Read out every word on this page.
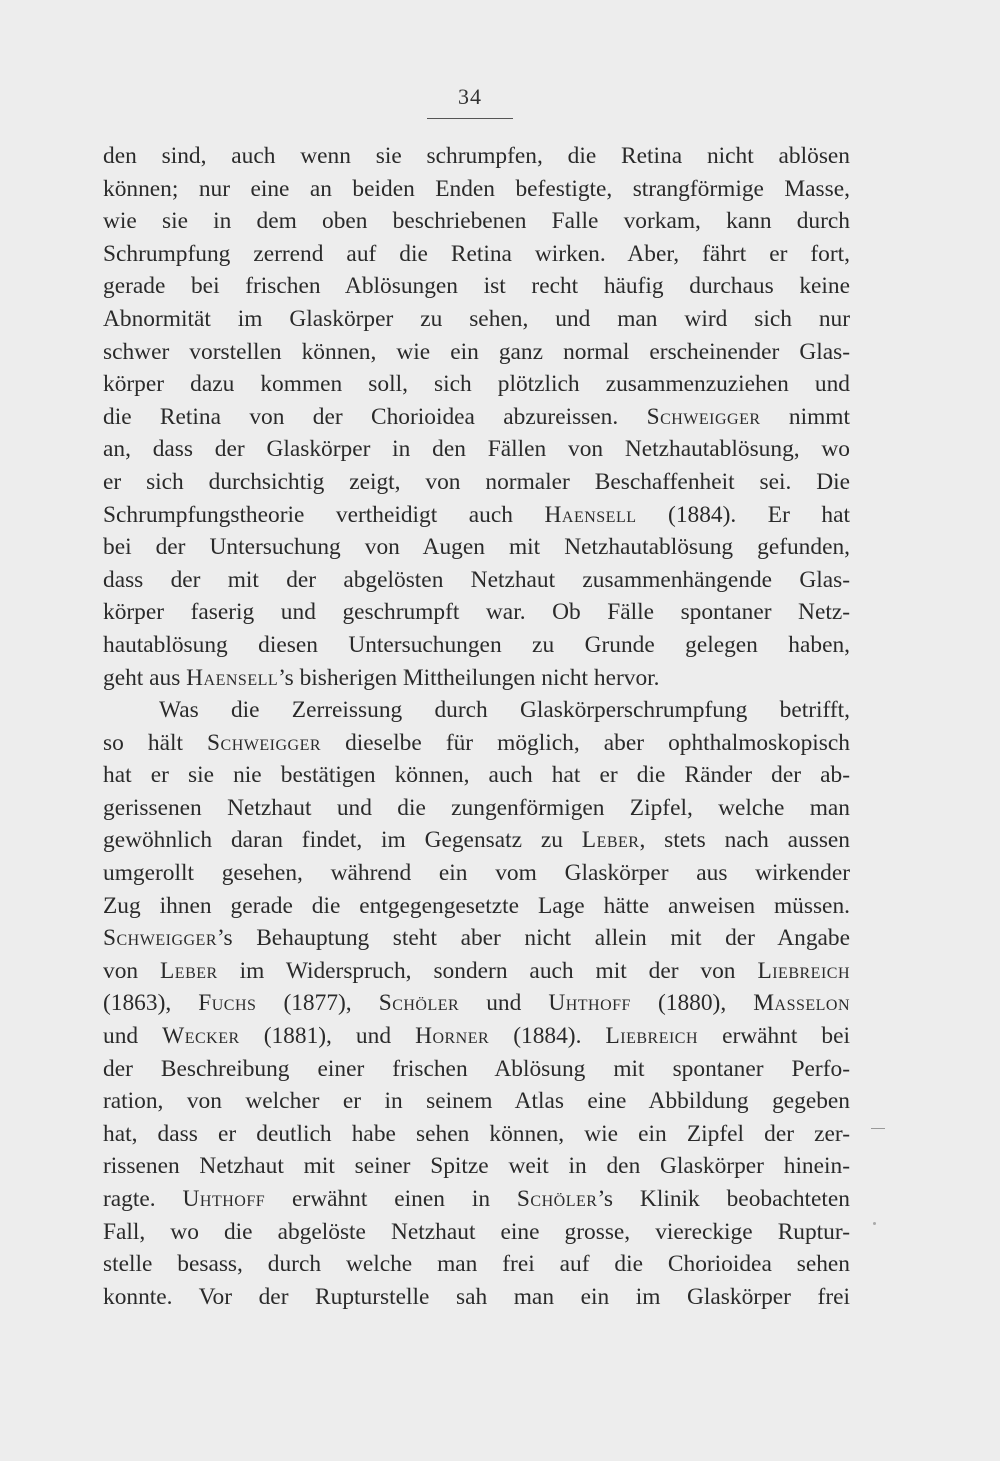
34
den sind, auch wenn sie schrumpfen, die Retina nicht ablösen
können; nur eine an beiden Enden befestigte, strangförmige Masse,
wie sie in dem oben beschriebenen Falle vorkam, kann durch
Schrumpfung zerrend auf die Retina wirken. Aber, fährt er fort,
gerade bei frischen Ablösungen ist recht häufig durchaus keine
Abnormität im Glaskörper zu sehen, und man wird sich nur
schwer vorstellen können, wie ein ganz normal erscheinender Glas-
körper dazu kommen soll, sich plötzlich zusammenzuziehen und
die Retina von der Chorioidea abzureissen. Schweigger nimmt
an, dass der Glaskörper in den Fällen von Netzhautablösung, wo
er sich durchsichtig zeigt, von normaler Beschaffenheit sei. Die
Schrumpfungstheorie vertheidigt auch Haensell (1884). Er hat
bei der Untersuchung von Augen mit Netzhautablösung gefunden,
dass der mit der abgelösten Netzhaut zusammenhängende Glas-
körper faserig und geschrumpft war. Ob Fälle spontaner Netz-
hautablösung diesen Untersuchungen zu Grunde gelegen haben,
geht aus Haensell’s bisherigen Mittheilungen nicht hervor.
Was die Zerreissung durch Glaskörperschrumpfung betrifft,
so hält Schweigger dieselbe für möglich, aber ophthalmoskopisch
hat er sie nie bestätigen können, auch hat er die Ränder der ab-
gerissenen Netzhaut und die zungenförmigen Zipfel, welche man
gewöhnlich daran findet, im Gegensatz zu Leber, stets nach aussen
umgerollt gesehen, während ein vom Glaskörper aus wirkender
Zug ihnen gerade die entgegengesetzte Lage hätte anweisen müssen.
Schweigger’s Behauptung steht aber nicht allein mit der Angabe
von Leber im Widerspruch, sondern auch mit der von Liebreich
(1863), Fuchs (1877), Schöler und Uhthoff (1880), Masselon
und Wecker (1881), und Horner (1884). Liebreich erwähnt bei
der Beschreibung einer frischen Ablösung mit spontaner Perfo-
ration, von welcher er in seinem Atlas eine Abbildung gegeben
hat, dass er deutlich habe sehen können, wie ein Zipfel der zer-
rissenen Netzhaut mit seiner Spitze weit in den Glaskörper hinein-
ragte. Uhthoff erwähnt einen in Schöler’s Klinik beobachteten
Fall, wo die abgelöste Netzhaut eine grosse, viereckige Ruptur-
stelle besass, durch welche man frei auf die Chorioidea sehen
konnte. Vor der Rupturstelle sah man ein im Glaskörper frei
